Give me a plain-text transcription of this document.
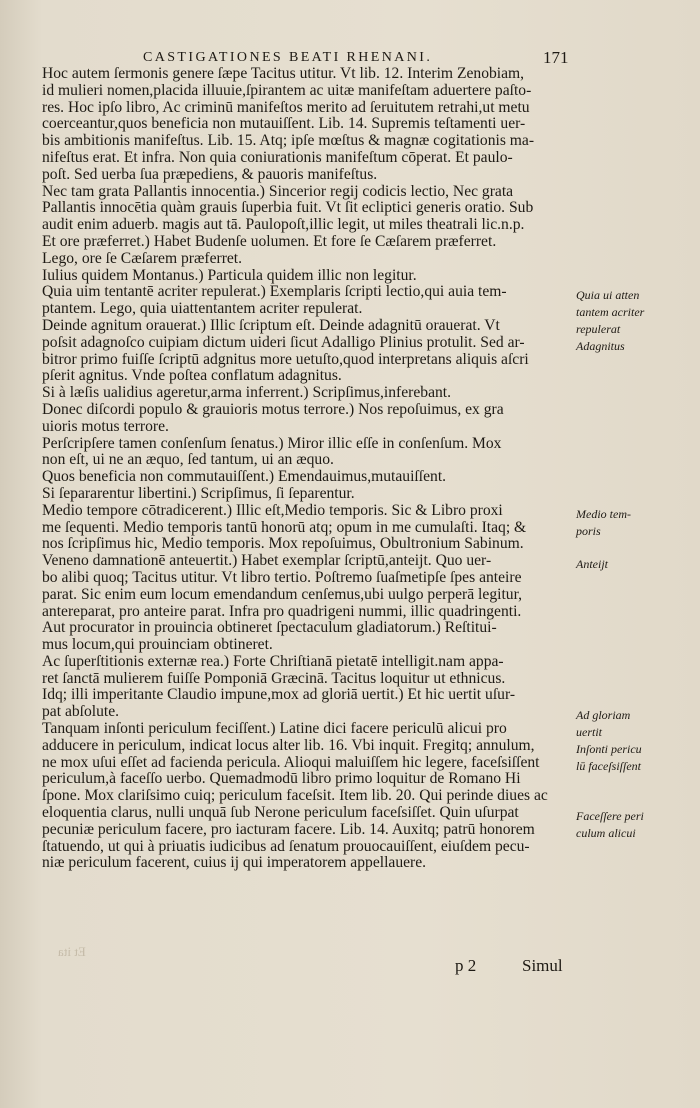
CASTIGATIONES BEATI RHENANI.	171
Hoc autem ſermonis genere ſæpe Tacitus utitur. Vt lib. 12. Interim Zenobiam,
id mulieri nomen,placida illuuie,ſpirantem ac uitæ manifeſtam aduertere paſto-
res. Hoc ipſo libro, Ac criminū manifeſtos merito ad ſeruitutem retrahi,ut metu
coerceantur,quos beneficia non mutauiſſent. Lib. 14. Supremis teſtamenti uer-
bis ambitionis manifeſtus. Lib. 15. Atq; ipſe mœſtus & magnæ cogitationis ma-
nifeſtus erat. Et infra. Non quia coniurationis manifeſtum cōperat. Et paulo-
poſt. Sed uerba ſua præpediens, & pauoris manifeſtus.
Nec tam grata Pallantis innocentia.) Sincerior regij codicis lectio, Nec grata
Pallantis innocētia quàm grauis ſuperbia fuit. Vt ſit ecliptici generis oratio. Sub
audit enim aduerb. magis aut tā. Paulopoſt,illic legit, ut miles theatrali lic.n.p.
Et ore præferret.) Habet Budenſe uolumen. Et fore ſe Cæſarem præferret.
Lego, ore ſe Cæſarem præferret.
Iulius quidem Montanus.) Particula quidem illic non legitur.
Quia uim tentantē acriter repulerat.) Exemplaris ſcripti lectio,qui auia tem-
ptantem. Lego, quia uiattentantem acriter repulerat.
Deinde agnitum orauerat.) Illic ſcriptum eſt. Deinde adagnitū orauerat. Vt
poſsit adagnoſco cuipiam dictum uideri ſicut Adalligo Plinius protulit. Sed ar-
bitror primo fuiſſe ſcriptū adgnitus more uetuſto,quod interpretans aliquis aſcri
pſerit agnitus. Vnde poſtea conflatum adagnitus.
Si à læſis ualidius ageretur,arma inferrent.) Scripſimus,inferebant.
Donec diſcordi populo & grauioris motus terrore.) Nos repoſuimus, ex gra
uioris motus terrore.
Perſcripſere tamen conſenſum ſenatus.) Miror illic eſſe in conſenſum. Mox
non eſt, ui ne an æquo, ſed tantum, ui an æquo.
Quos beneficia non commutauiſſent.) Emendauimus,mutauiſſent.
Si ſepararentur libertini.) Scripſimus, ſi ſeparentur.
Medio tempore cōtradicerent.) Illic eſt,Medio temporis. Sic & Libro proxi
me ſequenti. Medio temporis tantū honorū atq; opum in me cumulaſti. Itaq; &
nos ſcripſimus hic, Medio temporis. Mox repoſuimus, Obultronium Sabinum.
Veneno damnationē anteuertit.) Habet exemplar ſcriptū,anteijt. Quo uer-
bo alibi quoq; Tacitus utitur. Vt libro tertio. Poſtremo ſuaſmetipſe ſpes anteire
parat. Sic enim eum locum emendandum cenſemus,ubi uulgo perperā legitur,
antereparat, pro anteire parat. Infra pro quadrigeni nummi, illic quadringenti.
Aut procurator in prouincia obtineret ſpectaculum gladiatorum.) Reſtitui-
mus locum,qui prouinciam obtineret.
Ac ſuperſtitionis externæ rea.) Forte Chriſtianā pietatē intelligit.nam appa-
ret ſanctā mulierem fuiſſe Pomponiā Græcinā. Tacitus loquitur ut ethnicus.
Idq; illi imperitante Claudio impune,mox ad gloriā uertit.) Et hic uertit uſur-
pat abſolute.
Tanquam inſonti periculum feciſſent.) Latine dici facere periculū alicui pro
adducere in periculum, indicat locus alter lib. 16. Vbi inquit. Fregitq; annulum,
ne mox uſui eſſet ad facienda pericula. Alioqui maluiſſem hic legere, faceſsiſſent
periculum,à faceſſo uerbo. Quemadmodū libro primo loquitur de Romano Hi
ſpone. Mox clariſsimo cuiq; periculum faceſsit. Item lib. 20. Qui perinde diues ac
eloquentia clarus, nulli unquā ſub Nerone periculum faceſsiſſet. Quin uſurpat
pecuniæ periculum facere, pro iacturam facere. Lib. 14. Auxitq; patrū honorem
ſtatuendo, ut qui à priuatis iudicibus ad ſenatum prouocauiſſent, eiuſdem pecu-
niæ periculum facerent, cuius ij qui imperatorem appellauere.
Quia ui atten
tantem acriter
repulerat
Adagnitus
Medio tem-
poris
Anteijt
Ad gloriam
uertit
Inſonti pericu
lū faceſsiſſent
Faceſſere peri
culum alicui
Et ita
p 2	Simul
